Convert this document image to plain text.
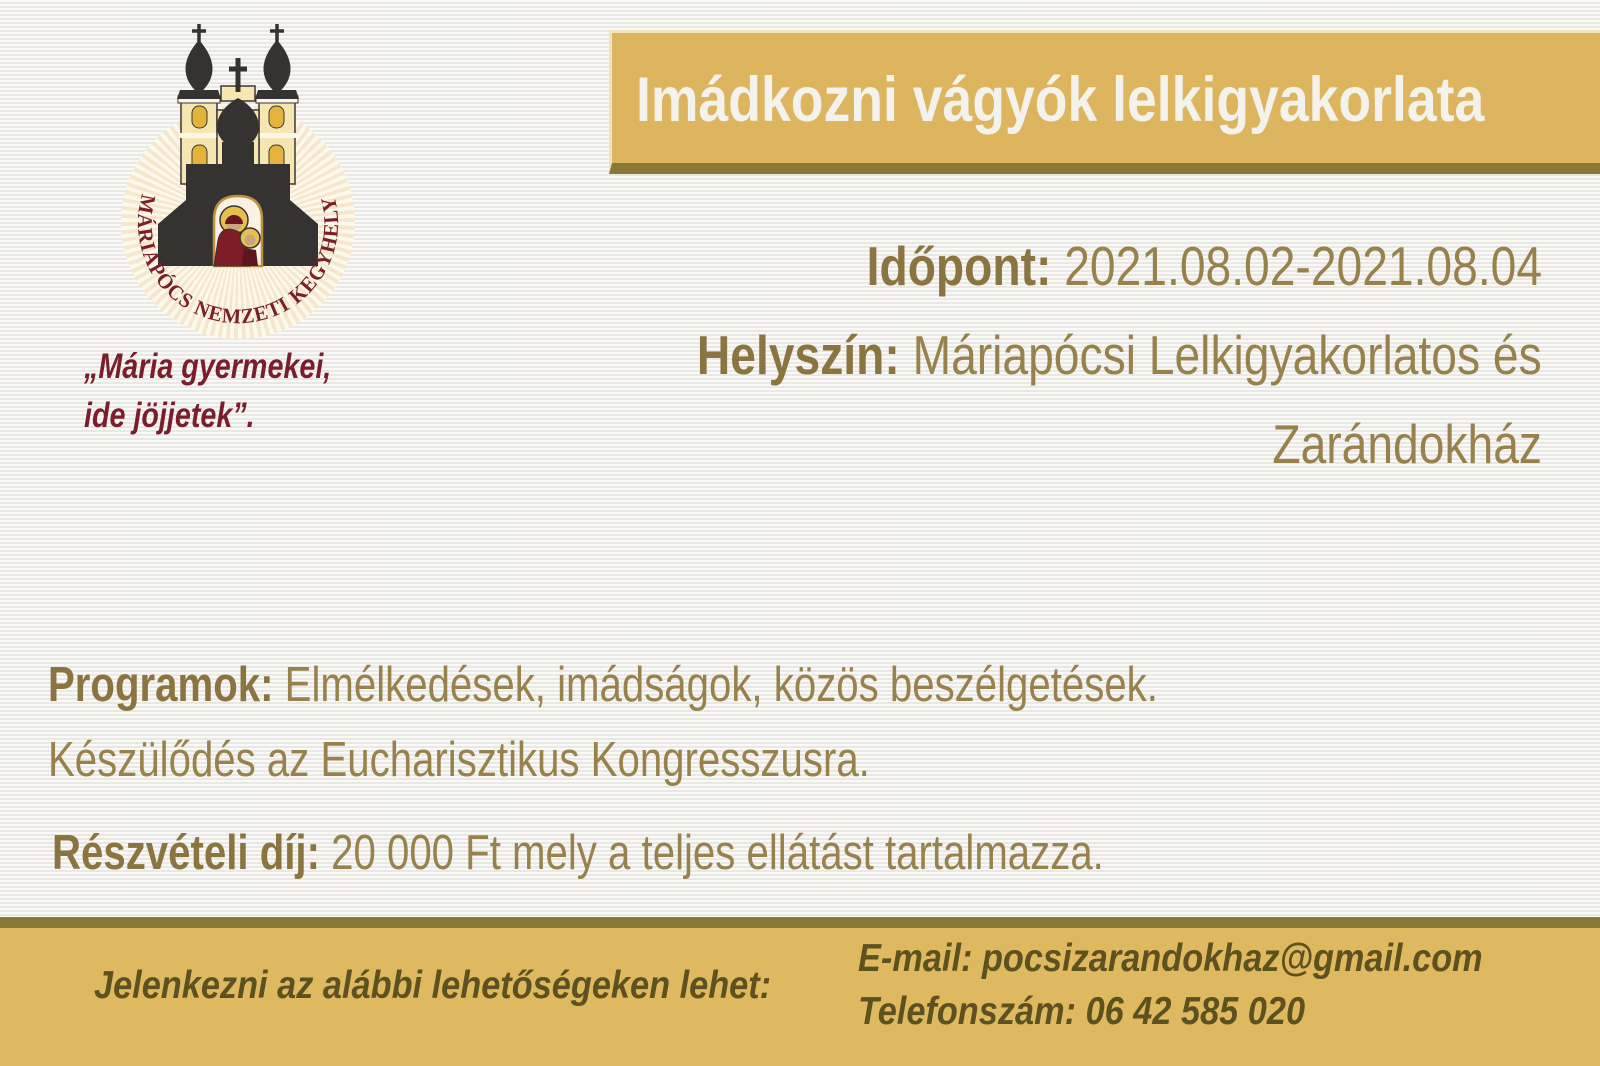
MÁRIAPÓCS NEMZETI KEGYHELY
„Mária gyermekei,
ide jöjjetek”.
Imádkozni vágyók lelkigyakorlata
Időpont: 2021.08.02-2021.08.04
Helyszín: Máriapócsi Lelkigyakorlatos és
Zarándokház
Programok: Elmélkedések, imádságok, közös beszélgetések.
Készülődés az Eucharisztikus Kongresszusra.
Részvételi díj: 20 000 Ft mely a teljes ellátást tartalmazza.
Jelenkezni az alábbi lehetőségeken lehet:
E-mail: pocsizarandokhaz@gmail.com
Telefonszám: 06 42 585 020
